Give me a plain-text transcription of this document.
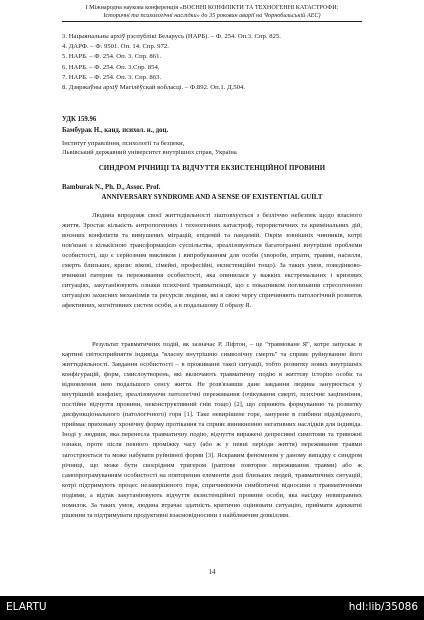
І Міжнародна наукова конференція «ВОЄННІ КОНФЛІКТИ ТА ТЕХНОГЕННІ КАТАСТРОФИ:
Історичні та психологічні наслідки» до 35 роковин аварії на Чорнобильській АЕС)
3. Нацыянальны архіў рэспублікі Беларусь (НАРБ). – Ф. 254. Оп.3. Спр. 825.
4. ДАРФ. – Ф. 9501. Оп. 14. Спр. 972.
5. НАРБ. – Ф. 254. Оп. 3. Спр. 861.
6. НАРБ. – Ф. 254. Оп. 3.Спр. 854.
7. НАРБ. – Ф. 254. Оп. 3. Спр. 863.
8. Дзяржаўны архіў Магілёўскай вобласці. – Ф.892. Оп.1. Д.504.
УДК 159.96
Бамбурак Н., канд. психол. н., доц.
Інститут управління, психології та безпеки,
Львівський державний університет внутрішніх справ, Україна
СИНДРОМ РІЧНИЦІ ТА ВІДЧУТТЯ ЕКЗИСТЕНЦІЙНОЇ ПРОВИНИ
Bamburak N., Ph. D., Assoc. Prof.
ANNIVERSARY SYNDROME AND A SENSE OF EXISTENTIAL GUILT
Людина впродовж своєї життєдіяльності зіштовхується з безліччю небезпек щодо власного життя. Зростає кількість антропогенних і техногенних катастроф, терористичних та кримінальних дій, воєнних конфліктів та вимушених міграцій, епідемій та пандемій. Окрім зовнішніх чинників, котрі пов'язані з кількісною трансформацією суспільства, зреалізовуються багатогранні внутрішні проблеми особистості, що є серйозним викликом і випробуванням для особи (хвороби, втрати, травми, насилля, смерть близьких, кризи: вікові, сімейні, професійні, екзистенційні тощо). За таких умов, поведінково-вчинкові патерни та переживання особистості, яка опинилася у важких екстремальних і кризових ситуаціях, закутаніювують ознаки психічної травматизації, що є показником поглинання стресогенною ситуацією захисних механізмів та ресурсів людини, які в свою чергу спричиняють патологічний розвиток афективних, когнітивних систем особи, а в подальшому її образу Я.
Результат травматичних подій, як зазначає Р. Ліфтон, – це "травмоване Я", котре запускає в картині світосприйняття індивіда "власну внутрішню символічну смерть" та сприяє руйнуванню його життєдіяльності. Завдання особистості – в проживанні такої ситуації, тобто розвитку нових внутрішніх конфігурацій, форм, смислоутворень, які включають травматичну подію в життєву історію особи та відновлення нею подальшого сенсу життя. Не розв'язавши дане завдання людина занурюється у внутрішній конфлікт, зреалізовуючи патологічні переживання (очікування смерті, психічне заціпеніння, постійне відчуття провини, неконструктивний гнів тощо) [2], що сприяють формуванню та розвитку дисфункціонального (патологічного) горя [1]. Таке невирішене горе, занурене в глибини підсвідомого, приймає приховану хронічну форму протікання та сприяє виникненню негативних наслідків для індивіда. Іноді у людини, яка перенесла травматичну подію, відчуття виражені депресивні симптоми та тривожні ознаки, проте після певного проміжку часу (або ж у певні періоди життя) переживання травми загострюється та може набувати руйнівної форми [3]. Яскравим феноменом у даному випадку є синдром річниці, що може бути своєрідним тригером (раптове повторне переживання травми) або ж самопрограмуванням особистості на повторення елементів долі близьких людей, травматичних ситуацій, котрі підтримують процес незавершеного горя, спричинюючи симбіотичні відносини з травматичними подіями, а відтак закутаніювують відчуття екзистенційної провини особи, яка насідку невиправних помилок. За таких умов, людина втрачає здатність критично оцінювати ситуацію, приймати адекватні рішення та підтримувати продуктивні взаємовідносини з найближчим довкіллям.
14
ELARTU	hdl:lib/35086
